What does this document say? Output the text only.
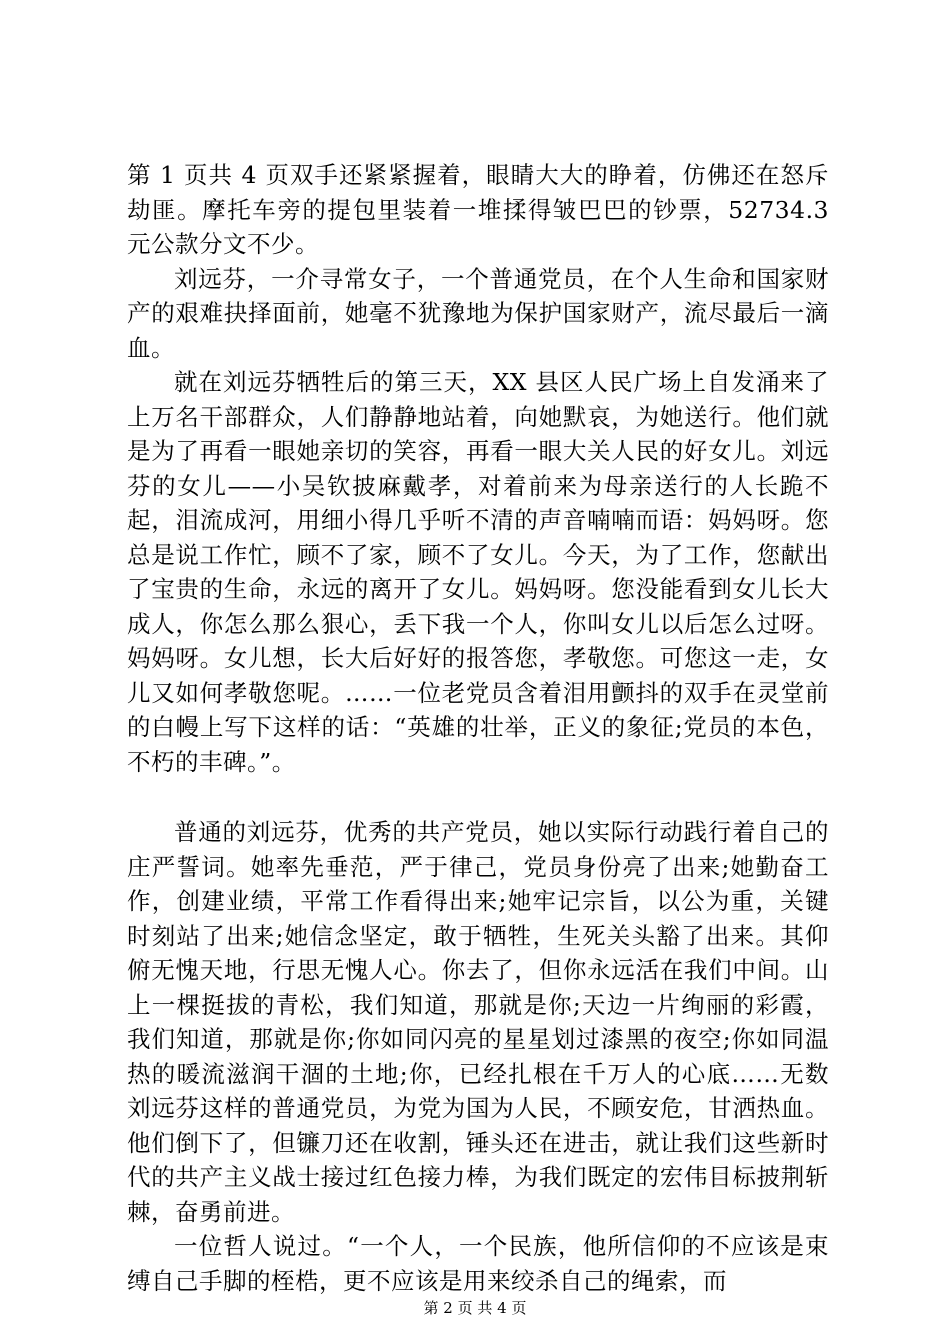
第 1 页共 4 页双手还紧紧握着，眼睛大大的睁着，仿佛还在怒斥劫匪。摩托车旁的提包里装着一堆揉得皱巴巴的钞票，52734.3 元公款分文不少。

刘远芬，一介寻常女子，一个普通党员，在个人生命和国家财产的艰难抉择面前，她毫不犹豫地为保护国家财产，流尽最后一滴血。

就在刘远芬牺牲后的第三天，XX 县区人民广场上自发涌来了上万名干部群众，人们静静地站着，向她默哀，为她送行。他们就是为了再看一眼她亲切的笑容，再看一眼大关人民的好女儿。刘远芬的女儿——小吴钦披麻戴孝，对着前来为母亲送行的人长跪不起，泪流成河，用细小得几乎听不清的声音喃喃而语：妈妈呀。您总是说工作忙，顾不了家，顾不了女儿。今天，为了工作，您献出了宝贵的生命，永远的离开了女儿。妈妈呀。您没能看到女儿长大成人，你怎么那么狠心，丢下我一个人，你叫女儿以后怎么过呀。妈妈呀。女儿想，长大后好好的报答您，孝敬您。可您这一走，女儿又如何孝敬您呢。……一位老党员含着泪用颤抖的双手在灵堂前的白幔上写下这样的话：“英雄的壮举，正义的象征;党员的本色，不朽的丰碑。”。

普通的刘远芬，优秀的共产党员，她以实际行动践行着自己的庄严誓词。她率先垂范，严于律己，党员身份亮了出来;她勤奋工作，创建业绩，平常工作看得出来;她牢记宗旨，以公为重，关键时刻站了出来;她信念坚定，敢于牺牲，生死关头豁了出来。其仰俯无愧天地，行思无愧人心。你去了，但你永远活在我们中间。山上一棵挺拔的青松，我们知道，那就是你;天边一片绚丽的彩霞，我们知道，那就是你;你如同闪亮的星星划过漆黑的夜空;你如同温热的暖流滋润干涸的土地;你，已经扎根在千万人的心底……无数刘远芬这样的普通党员，为党为国为人民，不顾安危，甘洒热血。他们倒下了，但镰刀还在收割，锤头还在进击，就让我们这些新时代的共产主义战士接过红色接力棒，为我们既定的宏伟目标披荆斩棘，奋勇前进。

一位哲人说过。“一个人，一个民族，他所信仰的不应该是束缚自己手脚的桎梏，更不应该是用来绞杀自己的绳索，而

第 2 页 共 4 页
